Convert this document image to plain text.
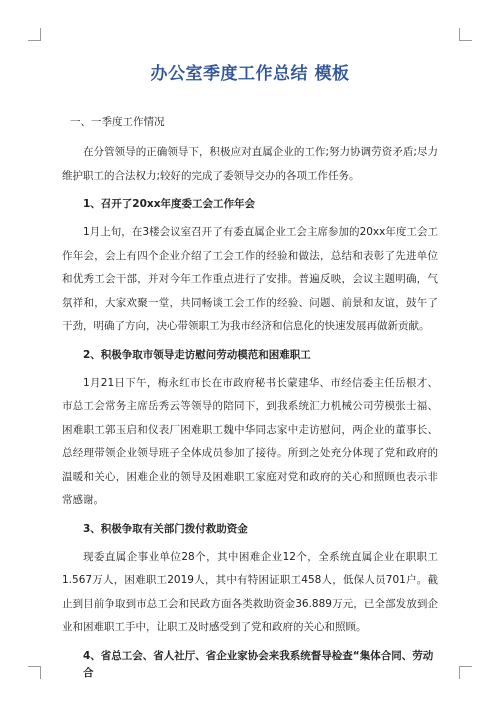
办公室季度工作总结 模板
一、一季度工作情况
在分管领导的正确领导下，积极应对直属企业的工作;努力协调劳资矛盾;尽力维护职工的合法权力;较好的完成了委领导交办的各项工作任务。
1、召开了20xx年度委工会工作年会
1月上旬，在3楼会议室召开了有委直属企业工会主席参加的20xx年度工会工作年会，会上有四个企业介绍了工会工作的经验和做法，总结和表彰了先进单位和优秀工会干部，并对今年工作重点进行了安排。普遍反映，会议主题明确，气氛祥和，大家欢聚一堂，共同畅谈工会工作的经验、问题、前景和友谊，鼓午了干劲，明确了方向，决心带领职工为我市经济和信息化的快速发展再做新贡献。
2、积极争取市领导走访慰问劳动模范和困难职工
1月21日下午，梅永红市长在市政府秘书长蒙建华、市经信委主任岳根才、市总工会常务主席岳秀云等领导的陪同下，到我系统汇力机械公司劳模张士福、困难职工郭玉启和仪表厂困难职工魏中华同志家中走访慰问，两企业的董事长、总经理带领企业领导班子全体成员参加了接待。所到之处充分体现了党和政府的温暖和关心，困难企业的领导及困难职工家庭对党和政府的关心和照顾也表示非常感谢。
3、积极争取有关部门拨付救助资金
现委直属企事业单位28个，其中困难企业12个，全系统直属企业在职职工1.567万人，困难职工2019人，其中有特困证职工458人，低保人员701户。截止到目前争取到市总工会和民政方面各类救助资金36.889万元，已全部发放到企业和困难职工手中，让职工及时感受到了党和政府的关心和照顾。
4、省总工会、省人社厅、省企业家协会来我系统督导检查“集体合同、劳动合
